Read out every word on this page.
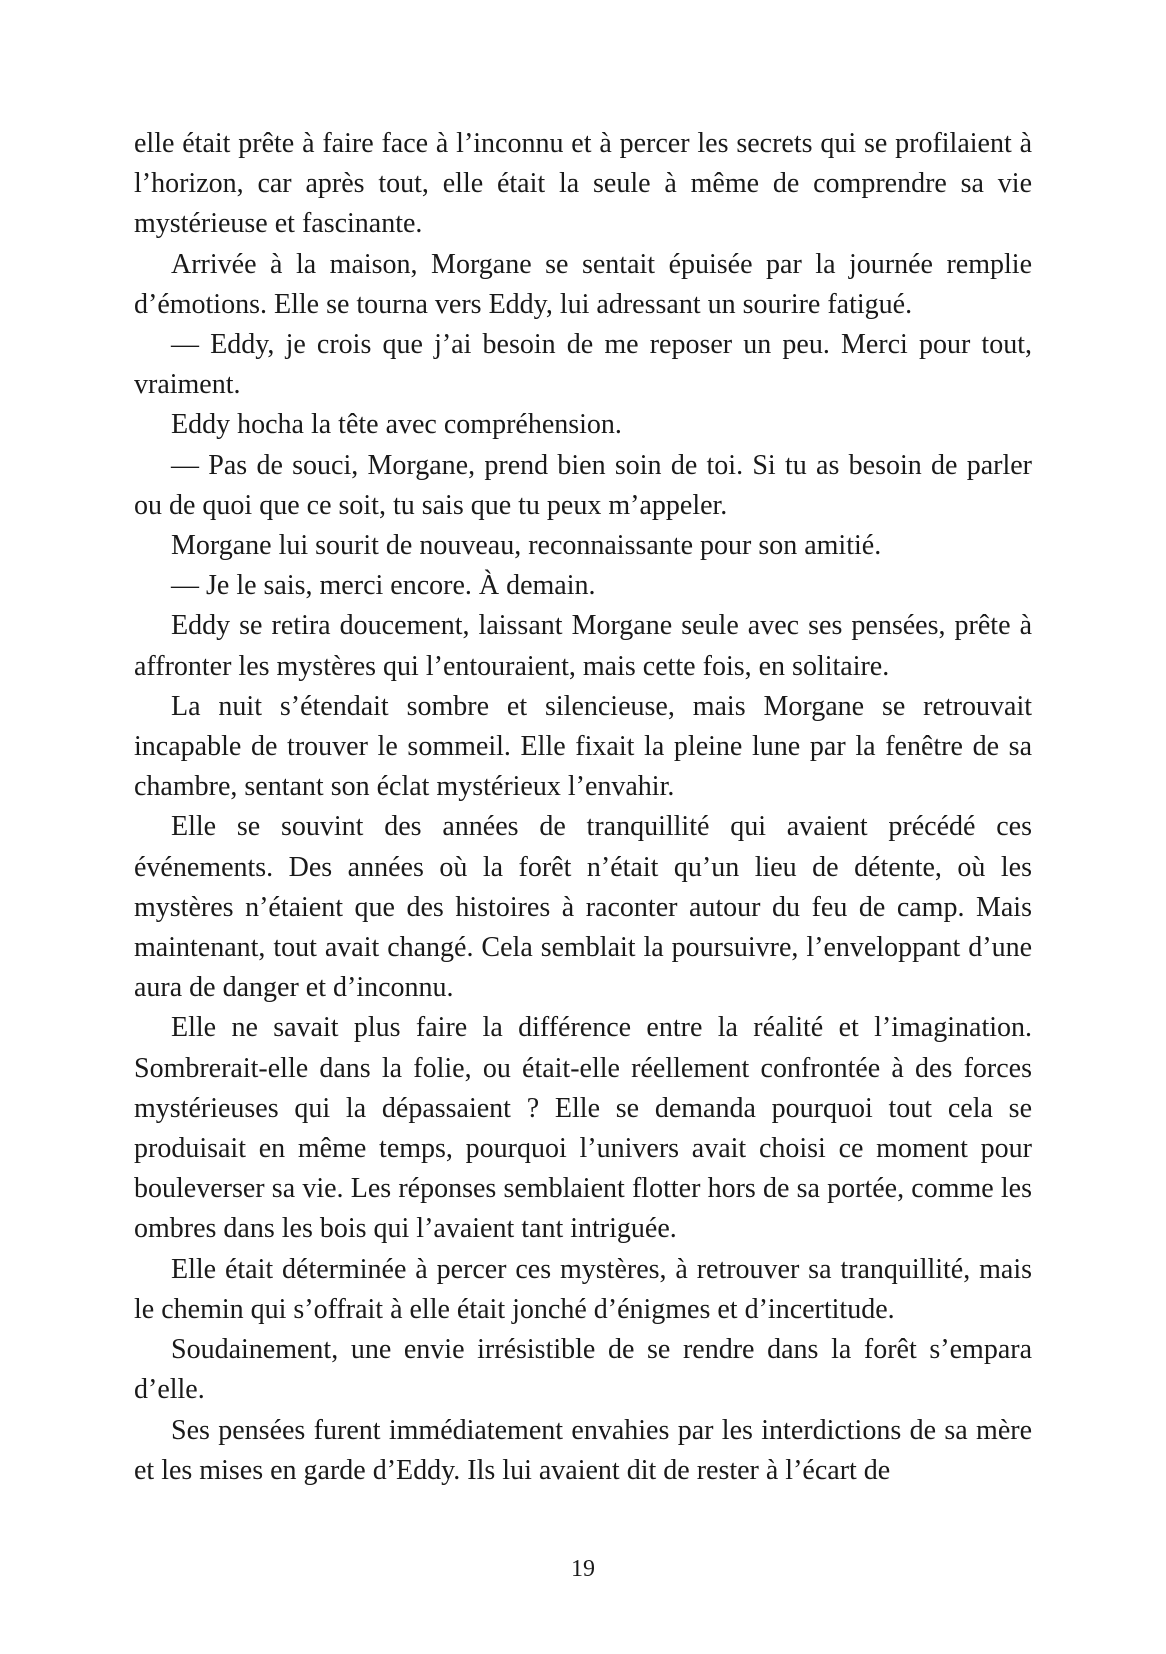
elle était prête à faire face à l’inconnu et à percer les secrets qui se profilaient à l’horizon, car après tout, elle était la seule à même de comprendre sa vie mystérieuse et fascinante.

Arrivée à la maison, Morgane se sentait épuisée par la journée remplie d’émotions. Elle se tourna vers Eddy, lui adressant un sourire fatigué.

— Eddy, je crois que j’ai besoin de me reposer un peu. Merci pour tout, vraiment.

Eddy hocha la tête avec compréhension.

— Pas de souci, Morgane, prend bien soin de toi. Si tu as besoin de parler ou de quoi que ce soit, tu sais que tu peux m’appeler.

Morgane lui sourit de nouveau, reconnaissante pour son amitié.

— Je le sais, merci encore. À demain.

Eddy se retira doucement, laissant Morgane seule avec ses pensées, prête à affronter les mystères qui l’entouraient, mais cette fois, en solitaire.

La nuit s’étendait sombre et silencieuse, mais Morgane se retrouvait incapable de trouver le sommeil. Elle fixait la pleine lune par la fenêtre de sa chambre, sentant son éclat mystérieux l’envahir.

Elle se souvint des années de tranquillité qui avaient précédé ces événements. Des années où la forêt n’était qu’un lieu de détente, où les mystères n’étaient que des histoires à raconter autour du feu de camp. Mais maintenant, tout avait changé. Cela semblait la poursuivre, l’enveloppant d’une aura de danger et d’inconnu.

Elle ne savait plus faire la différence entre la réalité et l’imagination. Sombrerait-elle dans la folie, ou était-elle réellement confrontée à des forces mystérieuses qui la dépassaient ? Elle se demanda pourquoi tout cela se produisait en même temps, pourquoi l’univers avait choisi ce moment pour bouleverser sa vie. Les réponses semblaient flotter hors de sa portée, comme les ombres dans les bois qui l’avaient tant intriguée.

Elle était déterminée à percer ces mystères, à retrouver sa tranquillité, mais le chemin qui s’offrait à elle était jonché d’énigmes et d’incertitude.

Soudainement, une envie irrésistible de se rendre dans la forêt s’empara d’elle.

Ses pensées furent immédiatement envahies par les interdictions de sa mère et les mises en garde d’Eddy. Ils lui avaient dit de rester à l’écart de

19
